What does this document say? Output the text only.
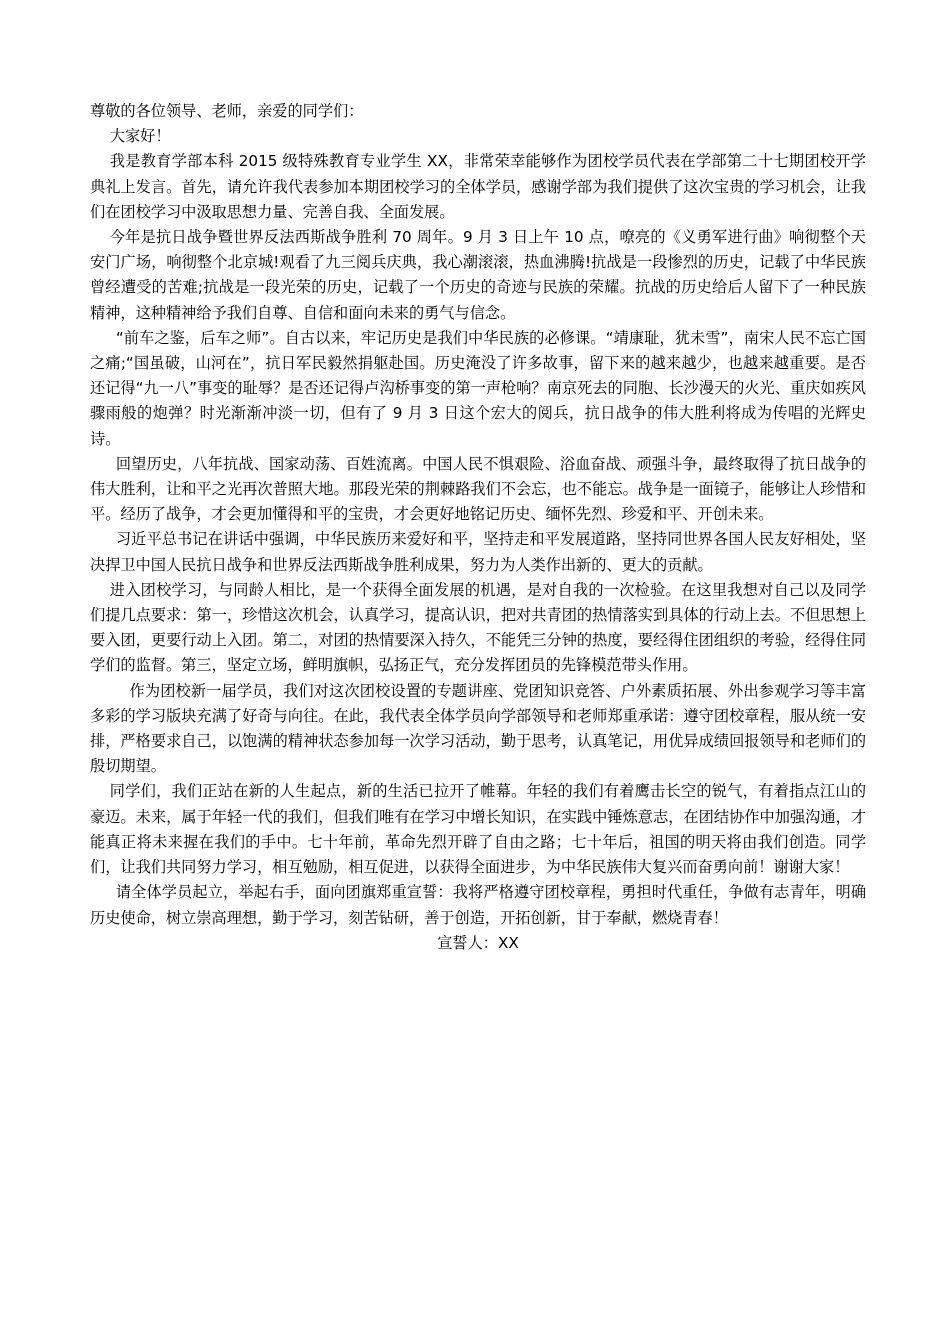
尊敬的各位领导、老师，亲爱的同学们：

大家好！

我是教育学部本科 2015 级特殊教育专业学生 XX，非常荣幸能够作为团校学员代表在学部第二十七期团校开学典礼上发言。首先，请允许我代表参加本期团校学习的全体学员，感谢学部为我们提供了这次宝贵的学习机会，让我们在团校学习中汲取思想力量、完善自我、全面发展。

今年是抗日战争暨世界反法西斯战争胜利 70 周年。9 月 3 日上午 10 点，嘹亮的《义勇军进行曲》响彻整个天安门广场，响彻整个北京城!观看了九三阅兵庆典，我心潮滚滚，热血沸腾!抗战是一段惨烈的历史，记载了中华民族曾经遭受的苦难;抗战是一段光荣的历史，记载了一个历史的奇迹与民族的荣耀。抗战的历史给后人留下了一种民族精神，这种精神给予我们自尊、自信和面向未来的勇气与信念。

“前车之鉴，后车之师”。自古以来，牢记历史是我们中华民族的必修课。“靖康耻，犹未雪”，南宋人民不忘亡国之痛;“国虽破，山河在”，抗日军民毅然捐躯赴国。历史淹没了许多故事，留下来的越来越少，也越来越重要。是否还记得“九一八”事变的耻辱？是否还记得卢沟桥事变的第一声枪响？南京死去的同胞、长沙漫天的火光、重庆如疾风骤雨般的炮弹？时光渐渐冲淡一切，但有了 9 月 3 日这个宏大的阅兵，抗日战争的伟大胜利将成为传唱的光辉史诗。

回望历史，八年抗战、国家动荡、百姓流离。中国人民不惧艰险、浴血奋战、顽强斗争，最终取得了抗日战争的伟大胜利，让和平之光再次普照大地。那段光荣的荆棘路我们不会忘，也不能忘。战争是一面镜子，能够让人珍惜和平。经历了战争，才会更加懂得和平的宝贵，才会更好地铭记历史、缅怀先烈、珍爱和平、开创未来。

习近平总书记在讲话中强调，中华民族历来爱好和平，坚持走和平发展道路，坚持同世界各国人民友好相处，坚决捍卫中国人民抗日战争和世界反法西斯战争胜利成果，努力为人类作出新的、更大的贡献。

进入团校学习，与同龄人相比，是一个获得全面发展的机遇，是对自我的一次检验。在这里我想对自己以及同学们提几点要求：第一，珍惜这次机会，认真学习，提高认识，把对共青团的热情落实到具体的行动上去。不但思想上要入团，更要行动上入团。第二，对团的热情要深入持久，不能凭三分钟的热度，要经得住团组织的考验，经得住同学们的监督。第三，坚定立场，鲜明旗帜，弘扬正气，充分发挥团员的先锋模范带头作用。

作为团校新一届学员，我们对这次团校设置的专题讲座、党团知识竞答、户外素质拓展、外出参观学习等丰富多彩的学习版块充满了好奇与向往。在此，我代表全体学员向学部领导和老师郑重承诺：遵守团校章程，服从统一安排，严格要求自己，以饱满的精神状态参加每一次学习活动，勤于思考，认真笔记，用优异成绩回报领导和老师们的殷切期望。

同学们，我们正站在新的人生起点，新的生活已拉开了帷幕。年轻的我们有着鹰击长空的锐气，有着指点江山的豪迈。未来，属于年轻一代的我们，但我们唯有在学习中增长知识，在实践中锤炼意志，在团结协作中加强沟通，才能真正将未来握在我们的手中。七十年前，革命先烈开辟了自由之路；七十年后，祖国的明天将由我们创造。同学们，让我们共同努力学习，相互勉励，相互促进，以获得全面进步，为中华民族伟大复兴而奋勇向前！谢谢大家！

请全体学员起立，举起右手，面向团旗郑重宣誓：我将严格遵守团校章程，勇担时代重任，争做有志青年，明确历史使命，树立崇高理想，勤于学习，刻苦钻研，善于创造，开拓创新，甘于奉献，燃烧青春！

宣誓人：XX
